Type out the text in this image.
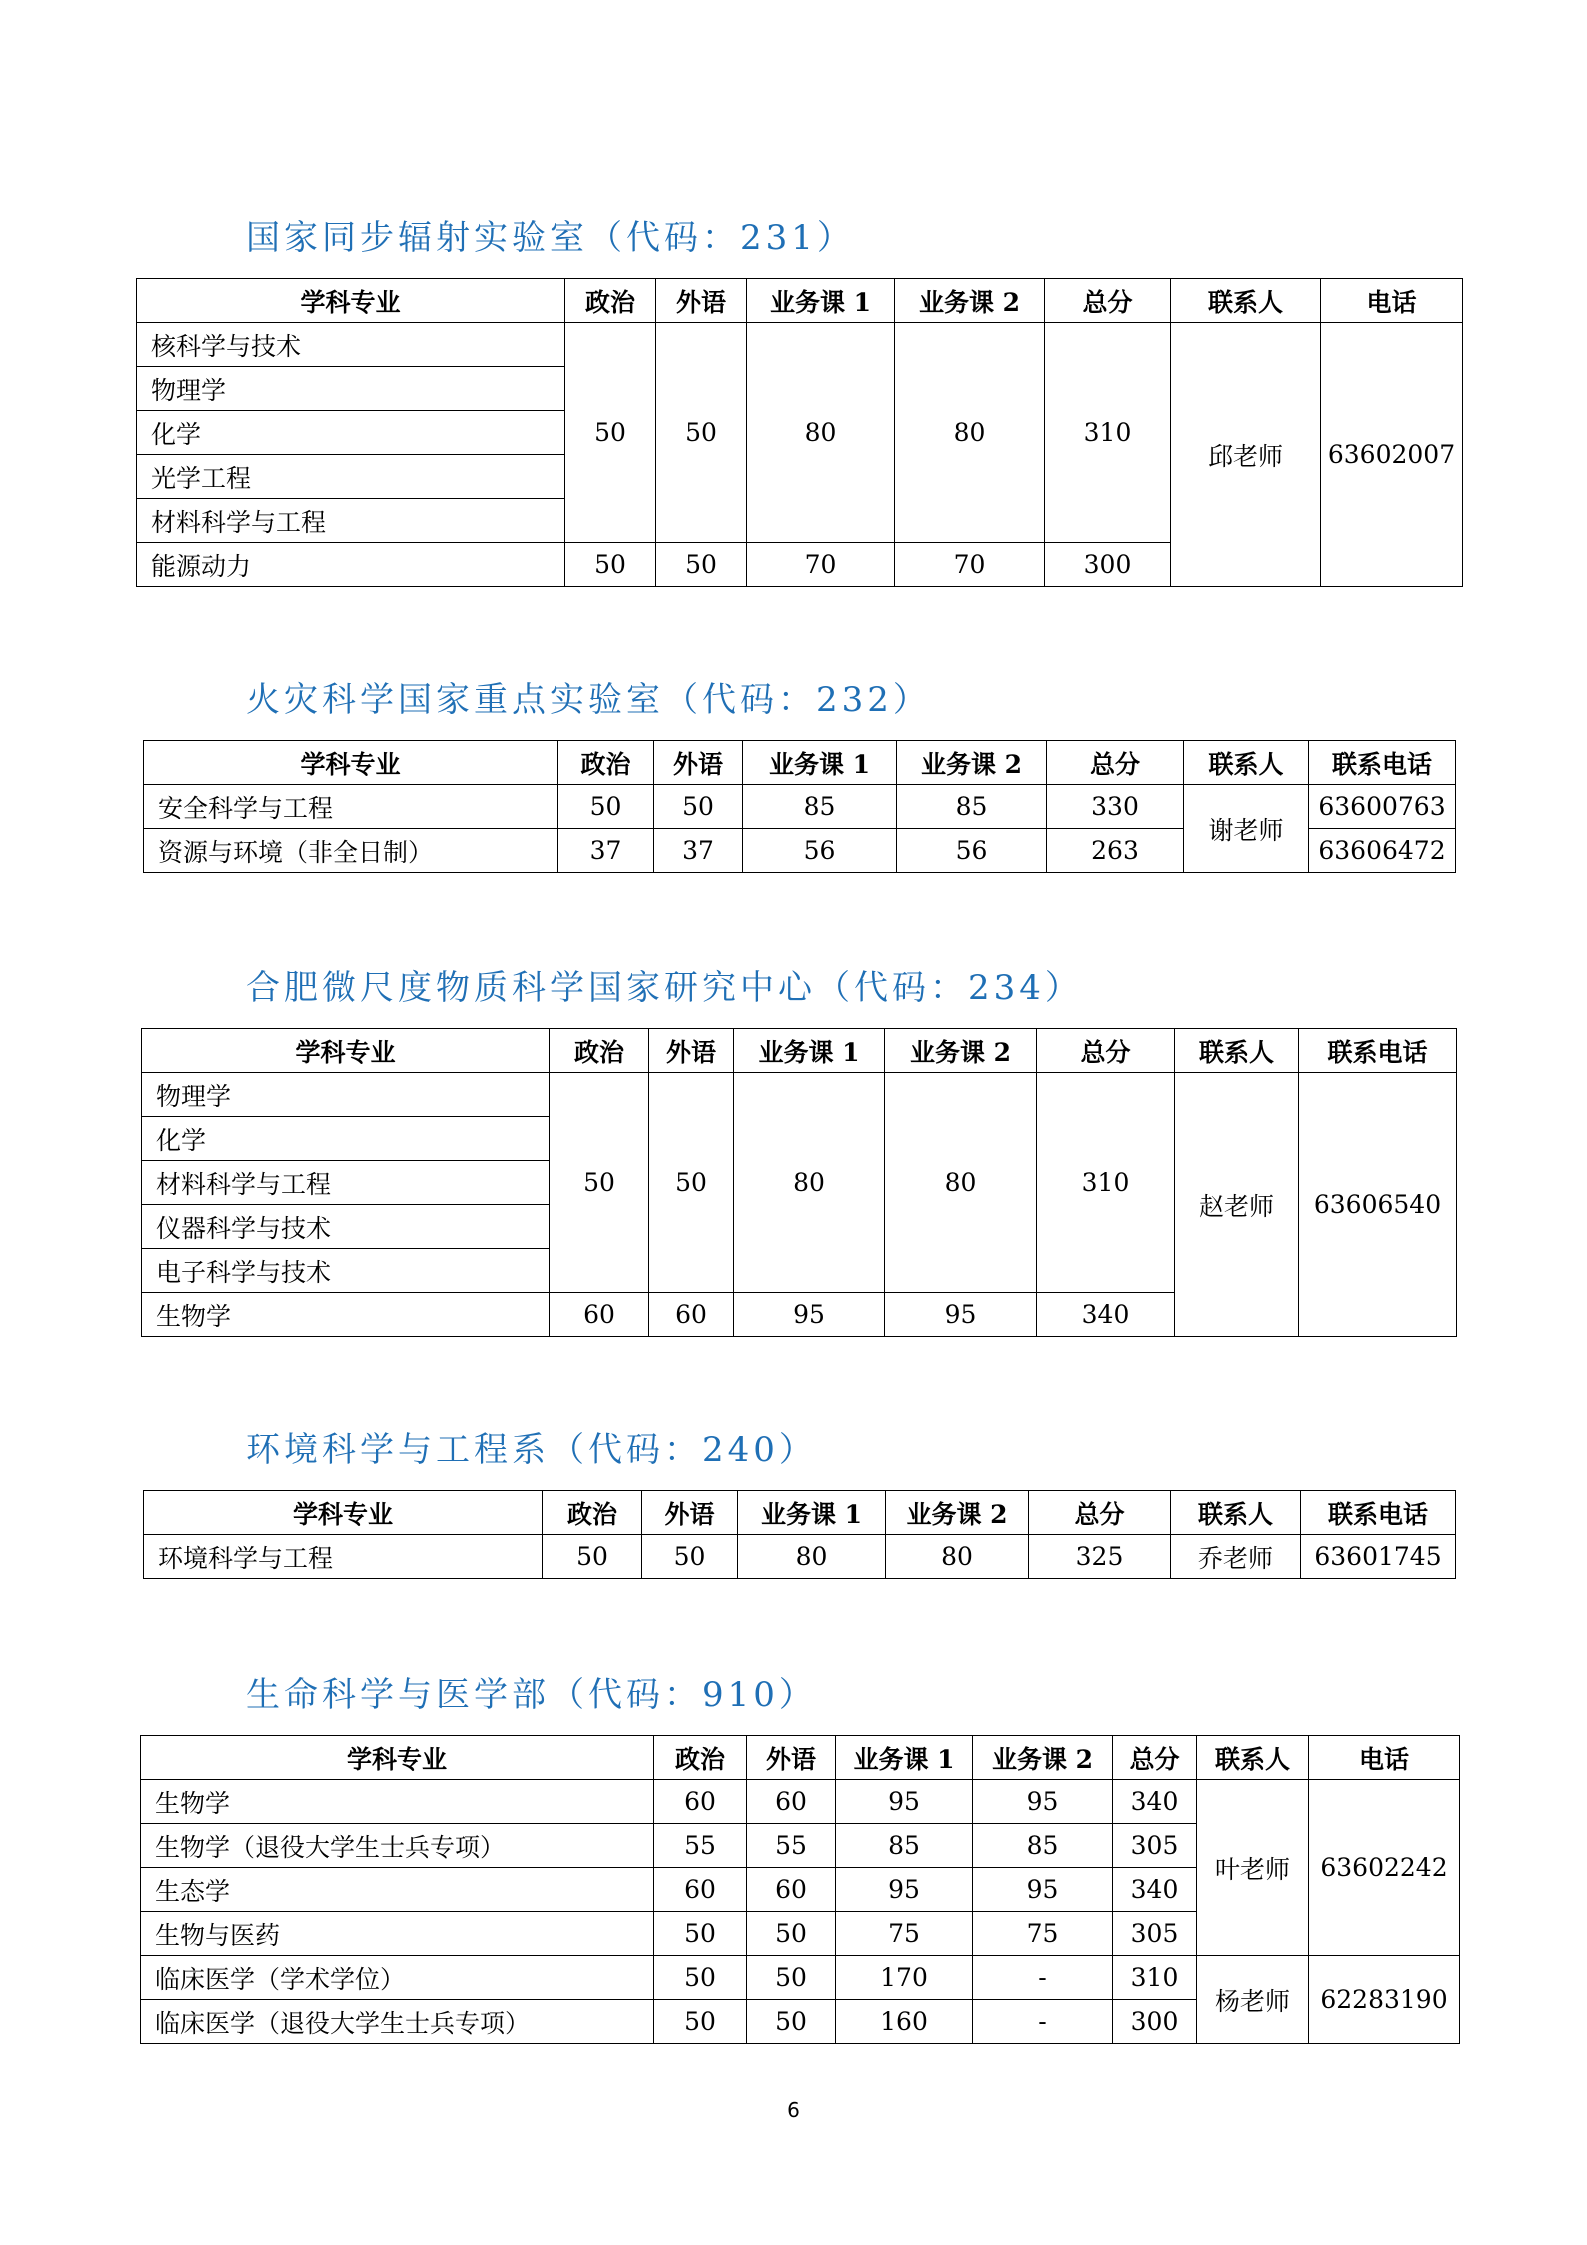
国家同步辐射实验室（代码：231）
学科专业	政治	外语	业务课 1	业务课 2	总分	联系人	电话
核科学与技术	50	50	80	80	310	邱老师	63602007
物理学							
化学							
光学工程							
材料科学与工程							
能源动力	50	50	70	70	300		
火灾科学国家重点实验室（代码：232）
学科专业	政治	外语	业务课 1	业务课 2	总分	联系人	联系电话
安全科学与工程	50	50	85	85	330	谢老师	63600763
资源与环境（非全日制）	37	37	56	56	263		63606472
合肥微尺度物质科学国家研究中心（代码：234）
学科专业	政治	外语	业务课 1	业务课 2	总分	联系人	联系电话
物理学	50	50	80	80	310	赵老师	63606540
化学							
材料科学与工程							
仪器科学与技术							
电子科学与技术							
生物学	60	60	95	95	340		
环境科学与工程系（代码：240）
学科专业	政治	外语	业务课 1	业务课 2	总分	联系人	联系电话
环境科学与工程	50	50	80	80	325	乔老师	63601745
生命科学与医学部（代码：910）
学科专业	政治	外语	业务课 1	业务课 2	总分	联系人	电话
生物学	60	60	95	95	340	叶老师	63602242
生物学（退役大学生士兵专项）	55	55	85	85	305		
生态学	60	60	95	95	340		
生物与医药	50	50	75	75	305		
临床医学（学术学位）	50	50	170	-	310	杨老师	62283190
临床医学（退役大学生士兵专项）	50	50	160	-	300		
6
